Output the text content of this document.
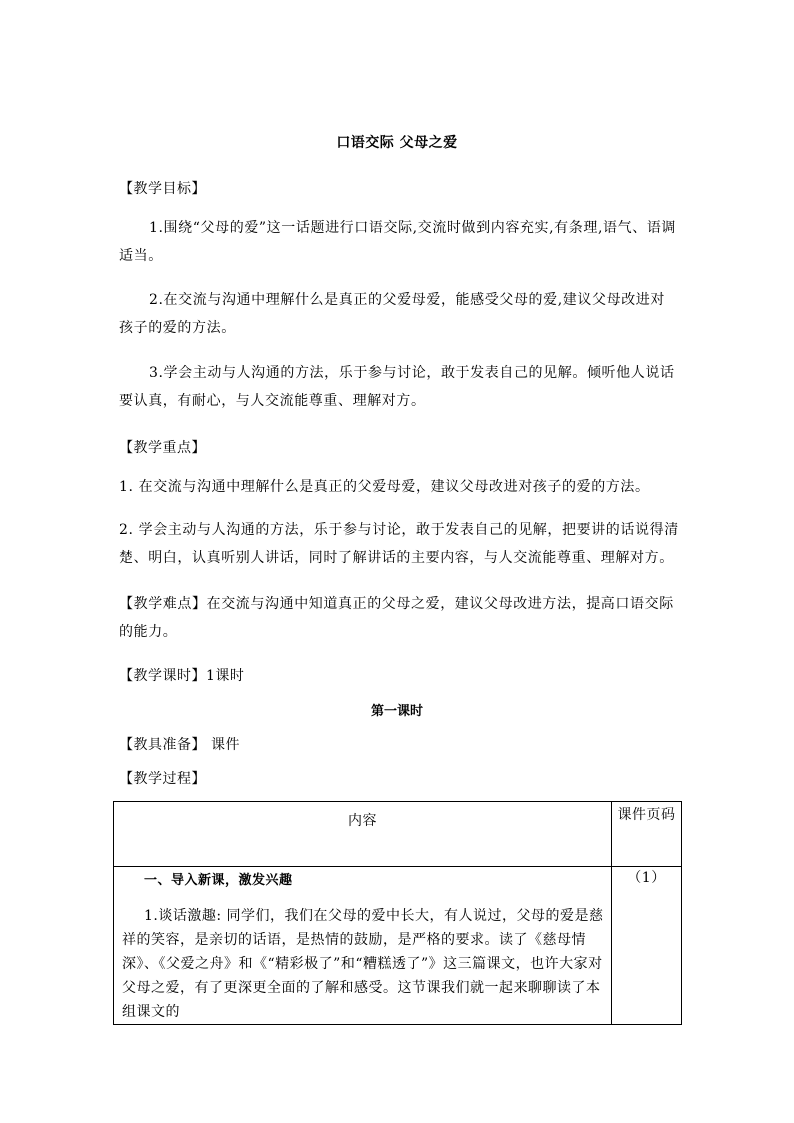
口语交际 父母之爱
【教学目标】

1.围绕“父母的爱”这一话题进行口语交际,交流时做到内容充实,有条理,语气、语调适当。

2.在交流与沟通中理解什么是真正的父爱母爱，能感受父母的爱,建议父母改进对孩子的爱的方法。

3.学会主动与人沟通的方法，乐于参与讨论，敢于发表自己的见解。倾听他人说话要认真，有耐心，与人交流能尊重、理解对方。

【教学重点】

1. 在交流与沟通中理解什么是真正的父爱母爱，建议父母改进对孩子的爱的方法。

2. 学会主动与人沟通的方法，乐于参与讨论，敢于发表自己的见解，把要讲的话说得清楚、明白，认真听别人讲话，同时了解讲话的主要内容，与人交流能尊重、理解对方。

【教学难点】在交流与沟通中知道真正的父母之爱，建议父母改进方法，提高口语交际的能力。

【教学课时】1课时
第一课时
【教具准备】 课件
【教学过程】
内容	课件页码

一、导入新课，激发兴趣
1.谈话激趣: 同学们，我们在父母的爱中长大，有人说过，父母的爱是慈祥的笑容，是亲切的话语，是热情的鼓励，是严格的要求。读了《慈母情深》、《父爱之舟》和《“精彩极了”和“糟糕透了”》这三篇课文，也许大家对父母之爱，有了更深更全面的了解和感受。这节课我们就一起来聊聊读了本组课文的	（1）
